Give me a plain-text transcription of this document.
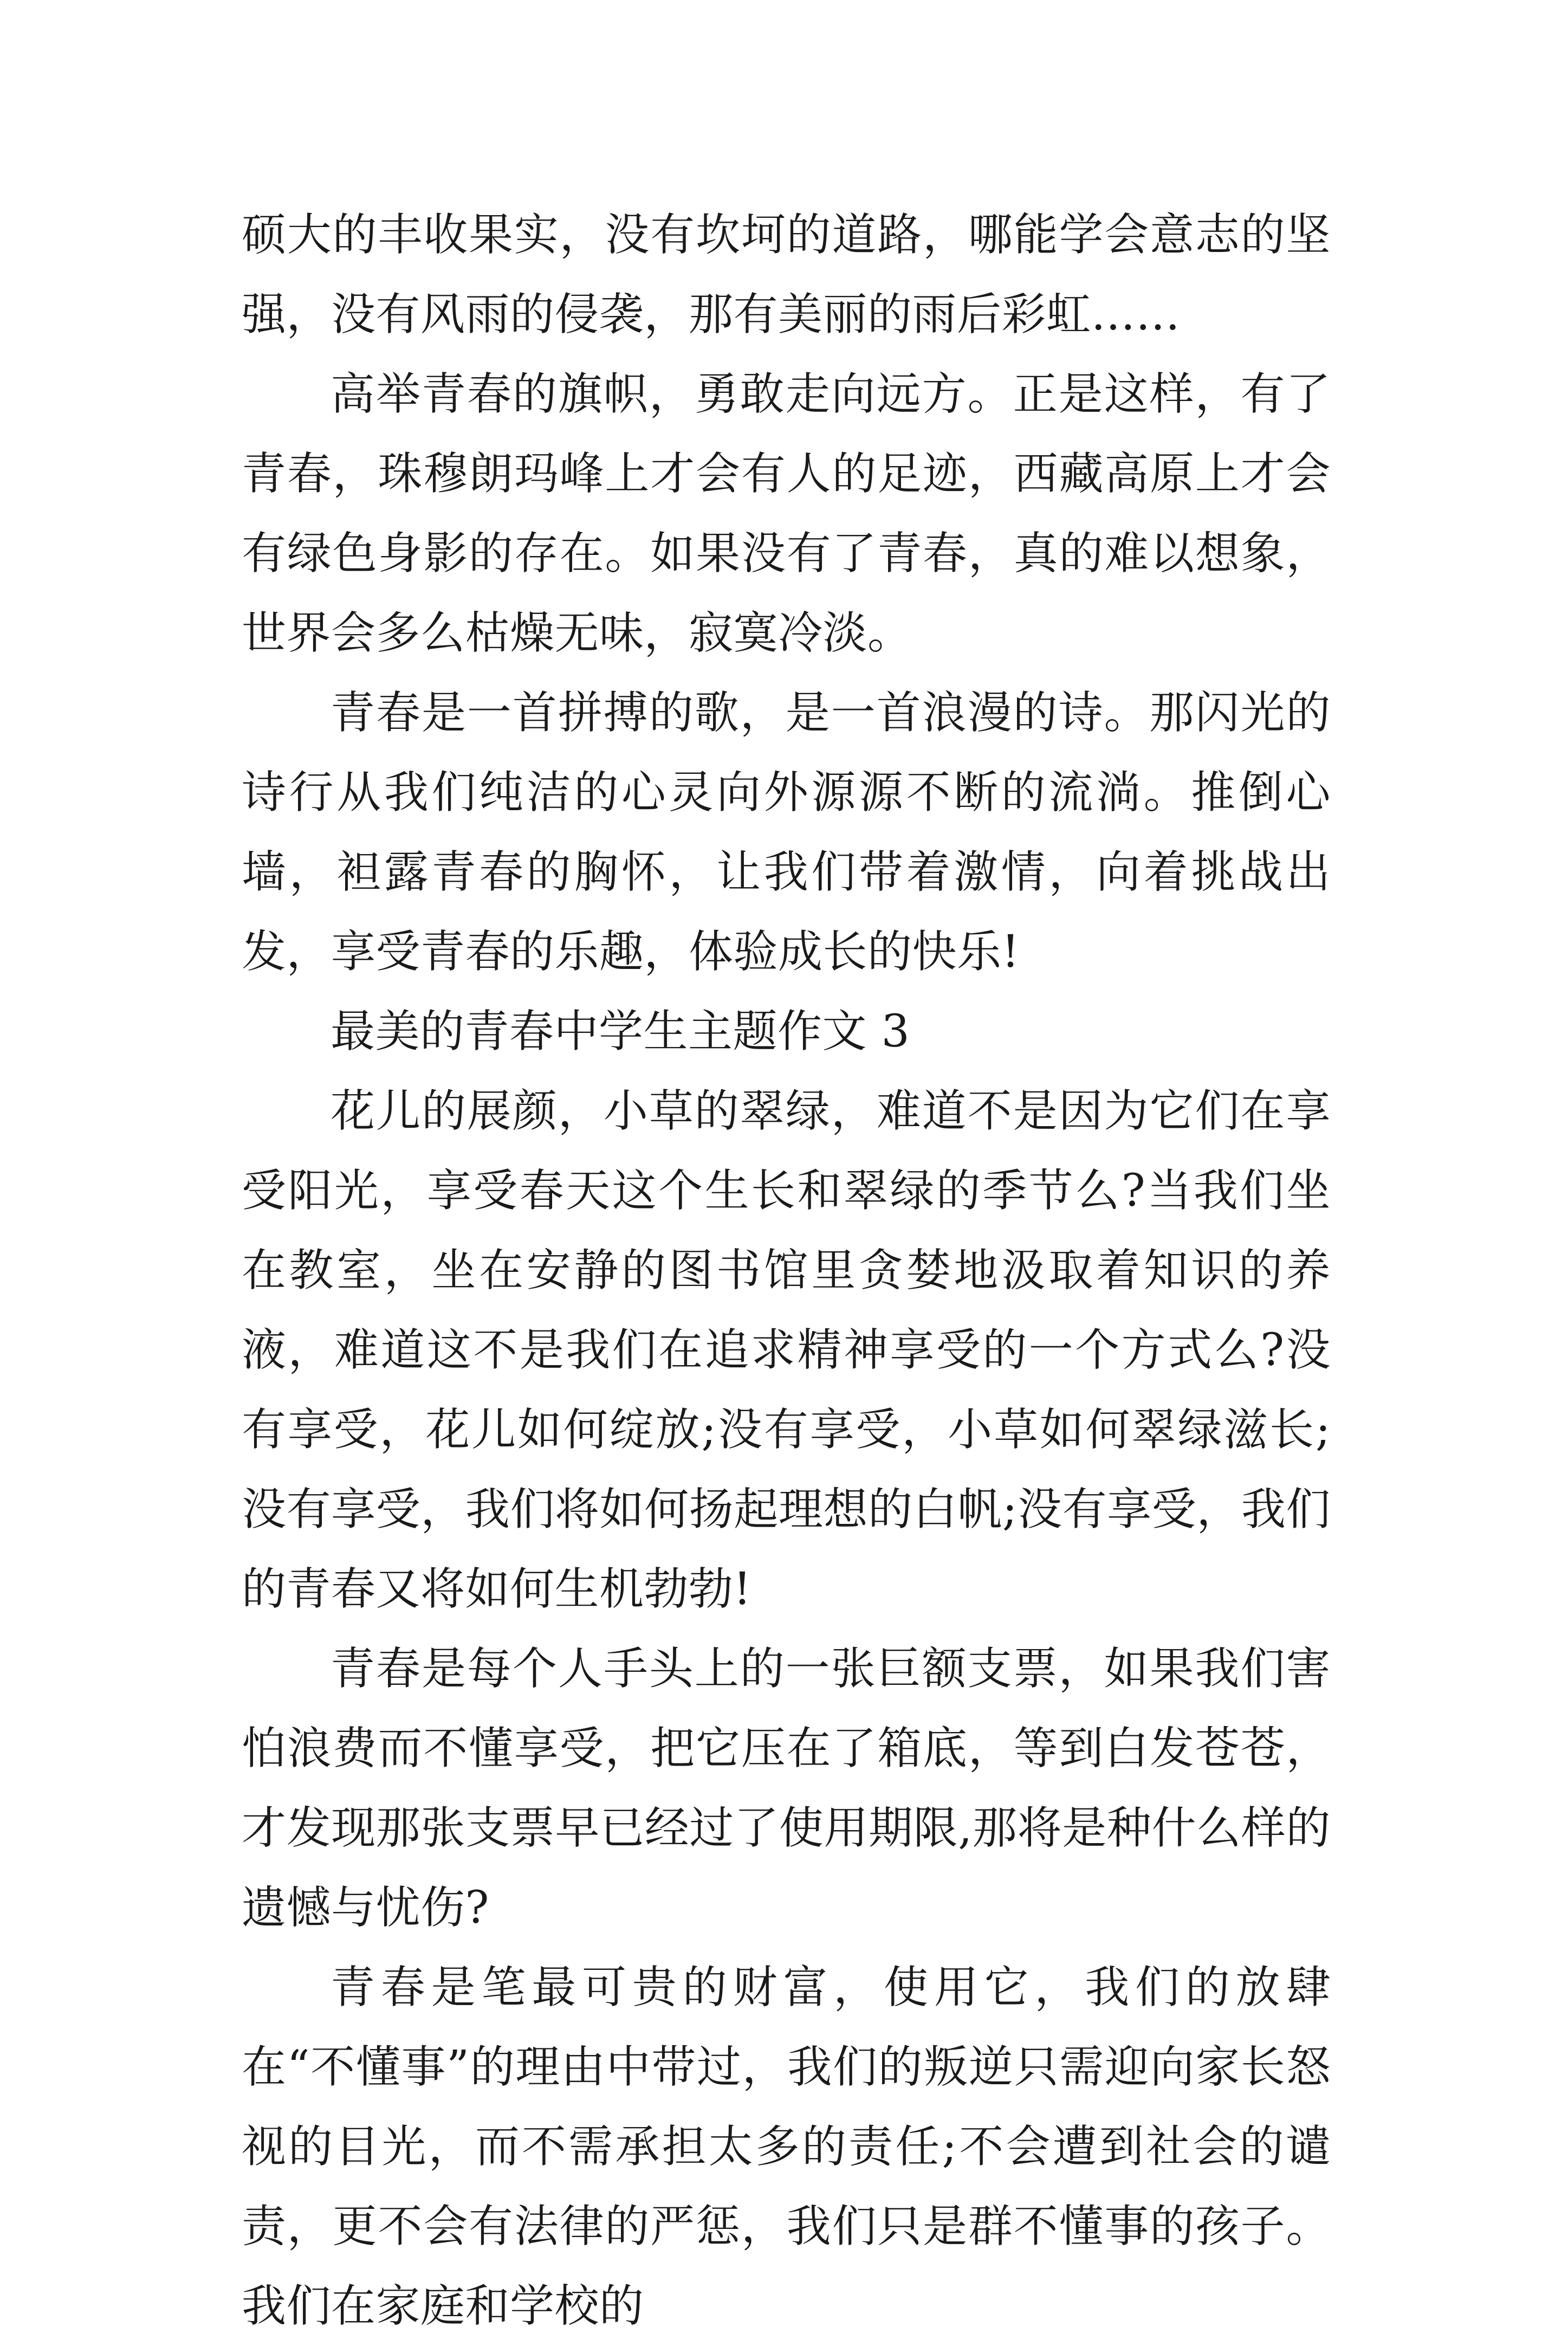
硕大的丰收果实，没有坎坷的道路，哪能学会意志的坚强，没有风雨的侵袭，那有美丽的雨后彩虹……

高举青春的旗帜，勇敢走向远方。正是这样，有了青春，珠穆朗玛峰上才会有人的足迹，西藏高原上才会有绿色身影的存在。如果没有了青春，真的难以想象，世界会多么枯燥无味，寂寞冷淡。

青春是一首拼搏的歌，是一首浪漫的诗。那闪光的诗行从我们纯洁的心灵向外源源不断的流淌。推倒心墙，袒露青春的胸怀，让我们带着激情，向着挑战出发，享受青春的乐趣，体验成长的快乐!

最美的青春中学生主题作文 3

花儿的展颜，小草的翠绿，难道不是因为它们在享受阳光，享受春天这个生长和翠绿的季节么?当我们坐在教室，坐在安静的图书馆里贪婪地汲取着知识的养液，难道这不是我们在追求精神享受的一个方式么?没有享受，花儿如何绽放;没有享受，小草如何翠绿滋长;没有享受，我们将如何扬起理想的白帆;没有享受，我们的青春又将如何生机勃勃!

青春是每个人手头上的一张巨额支票，如果我们害怕浪费而不懂享受，把它压在了箱底，等到白发苍苍，才发现那张支票早已经过了使用期限,那将是种什么样的遗憾与忧伤?

青春是笔最可贵的财富，使用它，我们的放肆在“不懂事”的理由中带过，我们的叛逆只需迎向家长怒视的目光，而不需承担太多的责任;不会遭到社会的谴责，更不会有法律的严惩，我们只是群不懂事的孩子。我们在家庭和学校的
